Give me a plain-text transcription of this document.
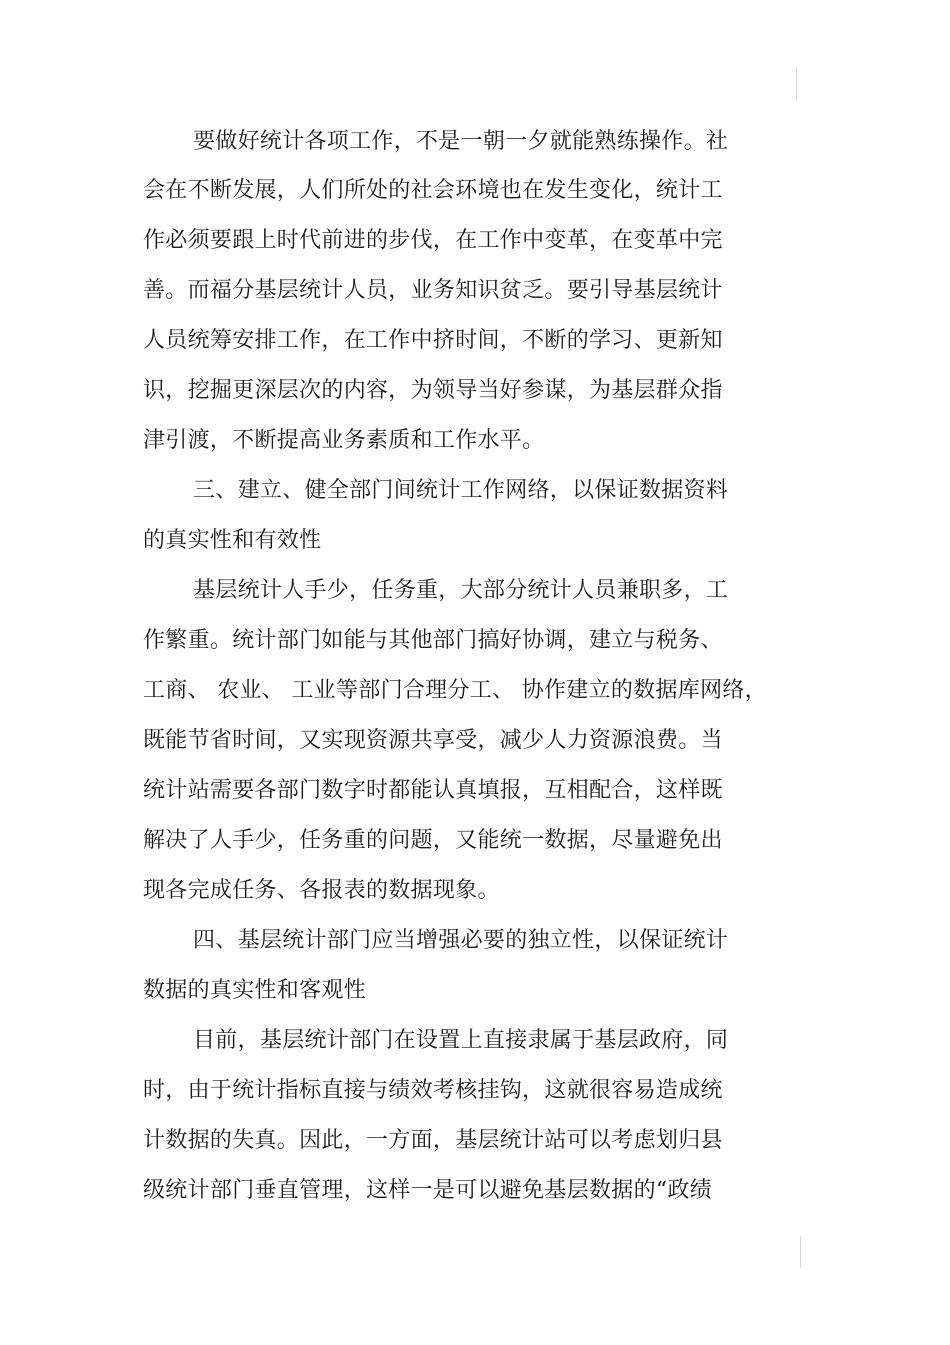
要做好统计各项工作，不是一朝一夕就能熟练操作。社
会在不断发展，人们所处的社会环境也在发生变化，统计工
作必须要跟上时代前进的步伐，在工作中变革，在变革中完
善。而福分基层统计人员，业务知识贫乏。要引导基层统计
人员统筹安排工作，在工作中挤时间，不断的学习、更新知
识，挖掘更深层次的内容，为领导当好参谋，为基层群众指
津引渡，不断提高业务素质和工作水平。
三、建立、健全部门间统计工作网络，以保证数据资料
的真实性和有效性
基层统计人手少，任务重，大部分统计人员兼职多，工
作繁重。统计部门如能与其他部门搞好协调，建立与税务、
工商、 农业、 工业等部门合理分工、 协作建立的数据库网络，
既能节省时间，又实现资源共享受，减少人力资源浪费。当
统计站需要各部门数字时都能认真填报，互相配合，这样既
解决了人手少，任务重的问题，又能统一数据，尽量避免出
现各完成任务、各报表的数据现象。
四、基层统计部门应当增强必要的独立性，以保证统计
数据的真实性和客观性
目前，基层统计部门在设置上直接隶属于基层政府，同
时，由于统计指标直接与绩效考核挂钩，这就很容易造成统
计数据的失真。因此，一方面，基层统计站可以考虑划归县
级统计部门垂直管理，这样一是可以避免基层数据的“政绩
